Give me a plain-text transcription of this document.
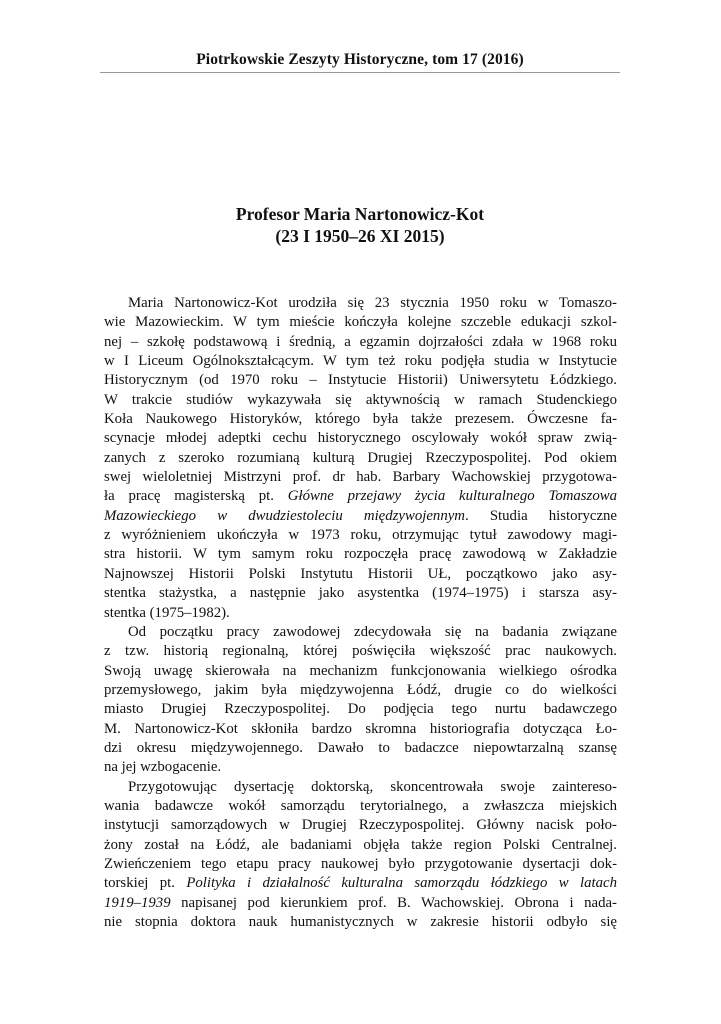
Piotrkowskie Zeszyty Historyczne, tom 17 (2016)
Profesor Maria Nartonowicz-Kot
(23 I 1950–26 XI 2015)
Maria Nartonowicz-Kot urodziła się 23 stycznia 1950 roku w Tomaszo-
wie Mazowieckim. W tym mieście kończyła kolejne szczeble edukacji szkol-
nej – szkołę podstawową i średnią, a egzamin dojrzałości zdała w 1968 roku
w I Liceum Ogólnokształcącym. W tym też roku podjęła studia w Instytucie
Historycznym (od 1970 roku – Instytucie Historii) Uniwersytetu Łódzkiego.
W trakcie studiów wykazywała się aktywnością w ramach Studenckiego
Koła Naukowego Historyków, którego była także prezesem. Ówczesne fa-
scynacje młodej adeptki cechu historycznego oscylowały wokół spraw zwią-
zanych z szeroko rozumianą kulturą Drugiej Rzeczypospolitej. Pod okiem
swej wieloletniej Mistrzyni prof. dr hab. Barbary Wachowskiej przygotowa-
ła pracę magisterską pt. Główne przejawy życia kulturalnego Tomaszowa
Mazowieckiego w dwudziestoleciu międzywojennym. Studia historyczne
z wyróżnieniem ukończyła w 1973 roku, otrzymując tytuł zawodowy magi-
stra historii. W tym samym roku rozpoczęła pracę zawodową w Zakładzie
Najnowszej Historii Polski Instytutu Historii UŁ, początkowo jako asy-
stentka stażystka, a następnie jako asystentka (1974–1975) i starsza asy-
stentka (1975–1982).
Od początku pracy zawodowej zdecydowała się na badania związane
z tzw. historią regionalną, której poświęciła większość prac naukowych.
Swoją uwagę skierowała na mechanizm funkcjonowania wielkiego ośrodka
przemysłowego, jakim była międzywojenna Łódź, drugie co do wielkości
miasto Drugiej Rzeczypospolitej. Do podjęcia tego nurtu badawczego
M. Nartonowicz-Kot skłoniła bardzo skromna historiografia dotycząca Ło-
dzi okresu międzywojennego. Dawało to badaczce niepowtarzalną szansę
na jej wzbogacenie.
Przygotowując dysertację doktorską, skoncentrowała swoje zaintereso-
wania badawcze wokół samorządu terytorialnego, a zwłaszcza miejskich
instytucji samorządowych w Drugiej Rzeczypospolitej. Główny nacisk poło-
żony został na Łódź, ale badaniami objęła także region Polski Centralnej.
Zwieńczeniem tego etapu pracy naukowej było przygotowanie dysertacji dok-
torskiej pt. Polityka i działalność kulturalna samorządu łódzkiego w latach
1919–1939 napisanej pod kierunkiem prof. B. Wachowskiej. Obrona i nada-
nie stopnia doktora nauk humanistycznych w zakresie historii odbyło się
